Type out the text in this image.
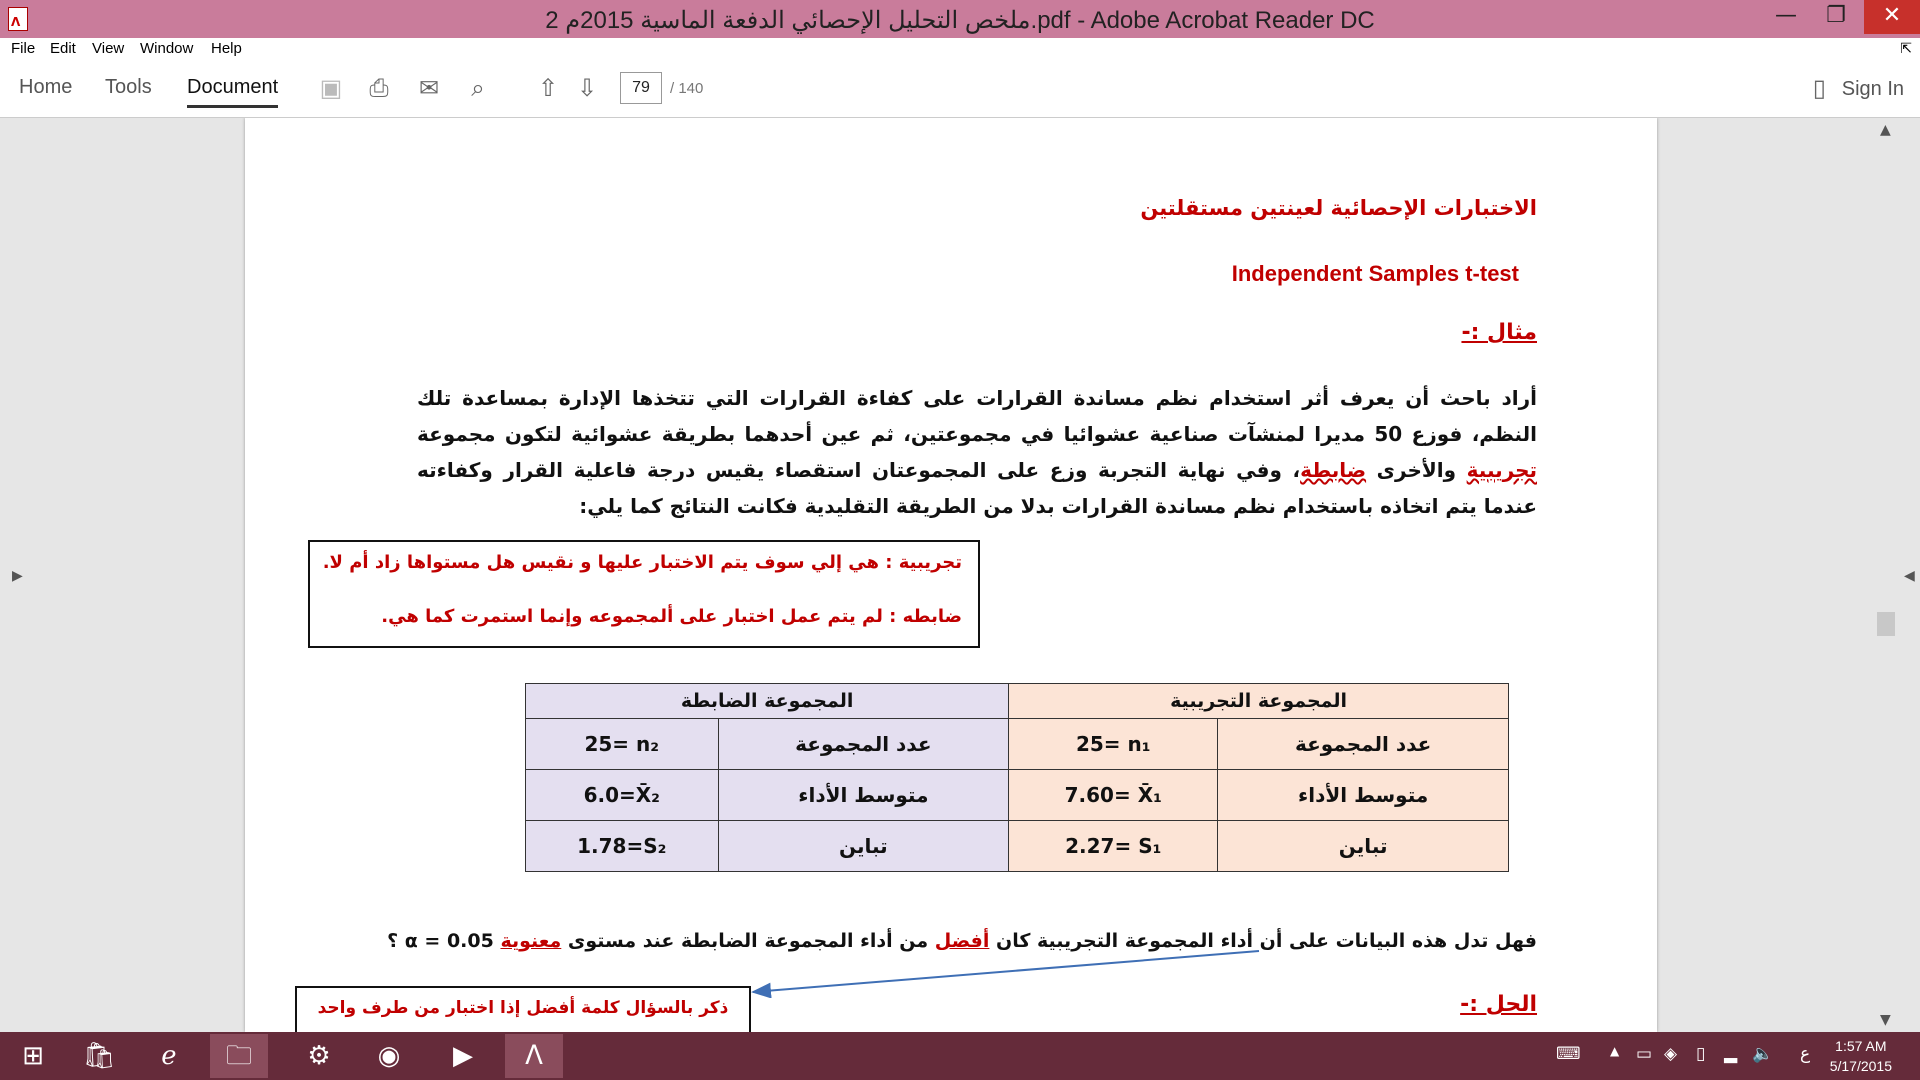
ᐱ	ملخص التحليل الإحصائي الدفعة الماسية 2015م 2.pdf - Adobe Acrobat Reader DC	—	❐	✕
File Edit View Window Help	⇱
Home Tools Document ▣ ⎙ ✉	⌕	⇧ ⇩	79	/ 140	▯ Sign In
▶
الاختبارات الإحصائية لعينتين مستقلتين
Independent Samples t-test
مثال :-
أراد باحث أن يعرف أثر استخدام نظم مساندة القرارات على كفاءة القرارات التي تتخذها الإدارة بمساعدة تلك النظم، فوزع 50 مديرا لمنشآت صناعية عشوائيا في مجموعتين، ثم عين أحدهما بطريقة عشوائية لتكون مجموعة تجريبية والأخرى ضابطة، وفي نهاية التجربة وزع على المجموعتان استقصاء يقيس درجة فاعلية القرار وكفاءته عندما يتم اتخاذه باستخدام نظم مساندة القرارات بدلا من الطريقة التقليدية فكانت النتائج كما يلي:
تجريبية : هي إلي سوف يتم الاختبار عليها و نقيس هل مستواها زاد أم لا.
ضابطه : لم يتم عمل اختبار على ألمجموعه وإنما استمرت كما هي.
المجموعة التجريبية		المجموعة الضابطة	
عدد المجموعة	25= n₁	عدد المجموعة	25= n₂
متوسط الأداء	7.60= X̄₁	متوسط الأداء	6.0=X̄₂
تباين	2.27= S₁	تباين	1.78=S₂
فهل تدل هذه البيانات على أن أداء المجموعة التجريبية كان أفضل من أداء المجموعة الضابطة عند مستوى معنوية α = 0.05 ؟
الحل :-
ذكر بالسؤال كلمة أفضل إذا اختبار من طرف واحد
▲
▼
◀
⊞	🛍	ℯ	🗀	⚙	◉	▶	ᐱ	⌨ ▲ ▭ ◈ ▯ ▂ 🔈 ع	1:57 AM
5/17/2015
